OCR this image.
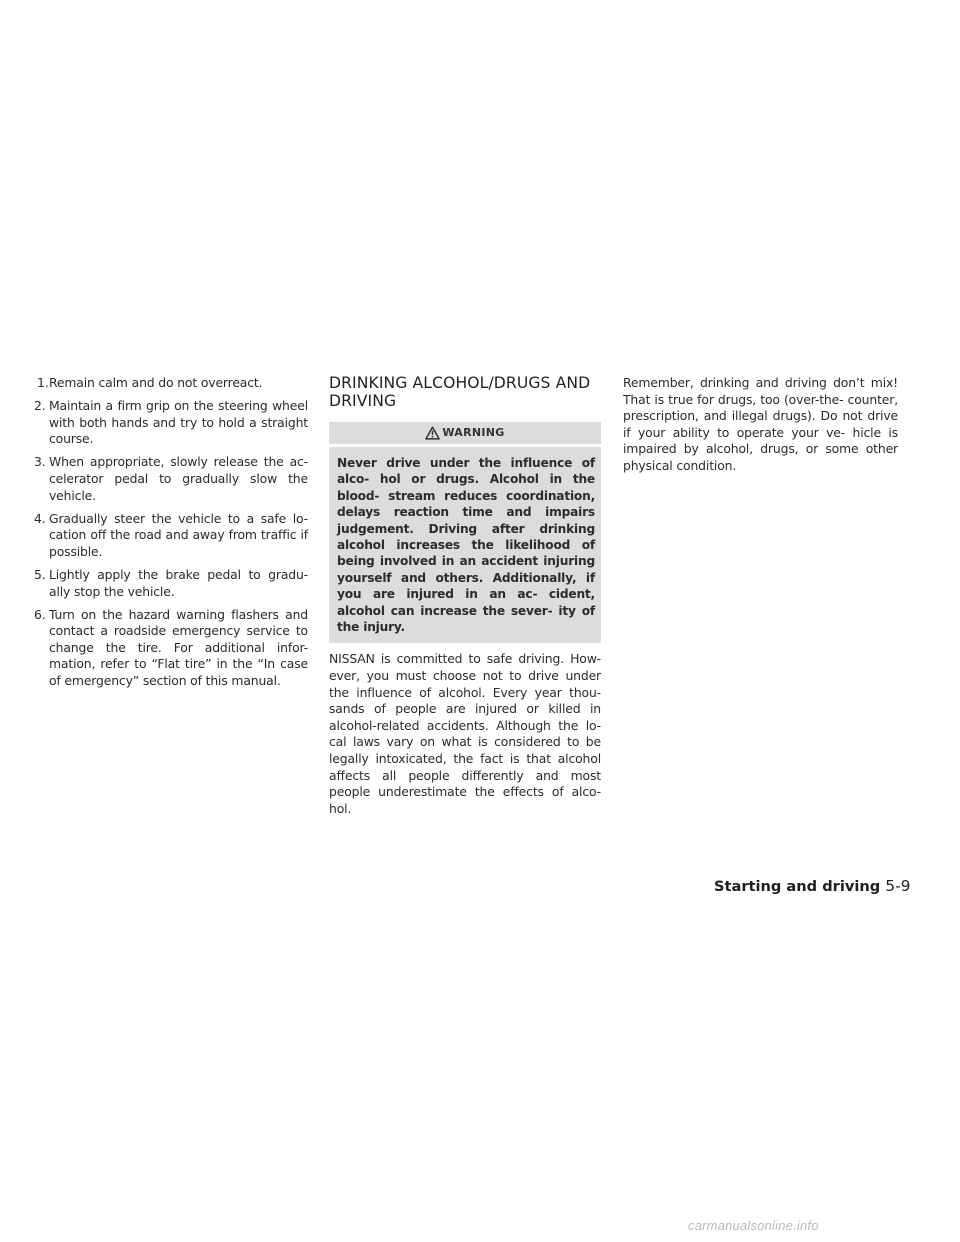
1. Remain calm and do not overreact.
2. Maintain a firm grip on the steering wheel with both hands and try to hold a straight course.
3. When appropriate, slowly release the ac- celerator pedal to gradually slow the vehicle.
4. Gradually steer the vehicle to a safe lo- cation off the road and away from traffic if possible.
5. Lightly apply the brake pedal to gradu- ally stop the vehicle.
6. Turn on the hazard warning flashers and contact a roadside emergency service to change the tire. For additional infor- mation, refer to “Flat tire” in the “In case of emergency” section of this manual.
DRINKING ALCOHOL/DRUGS AND DRIVING
WARNING
Never drive under the influence of alco- hol or drugs. Alcohol in the blood- stream reduces coordination, delays reaction time and impairs judgement. Driving after drinking alcohol increases the likelihood of being involved in an accident injuring yourself and others. Additionally, if you are injured in an ac- cident, alcohol can increase the sever- ity of the injury.

NISSAN is committed to safe driving. How- ever, you must choose not to drive under the influence of alcohol. Every year thou- sands of people are injured or killed in alcohol-related accidents. Although the lo- cal laws vary on what is considered to be legally intoxicated, the fact is that alcohol affects all people differently and most people underestimate the effects of alco- hol.

Remember, drinking and driving don’t mix! That is true for drugs, too (over-the- counter, prescription, and illegal drugs). Do not drive if your ability to operate your ve- hicle is impaired by alcohol, drugs, or some other physical condition.

Starting and driving 5-9
carmanualsonline.info
